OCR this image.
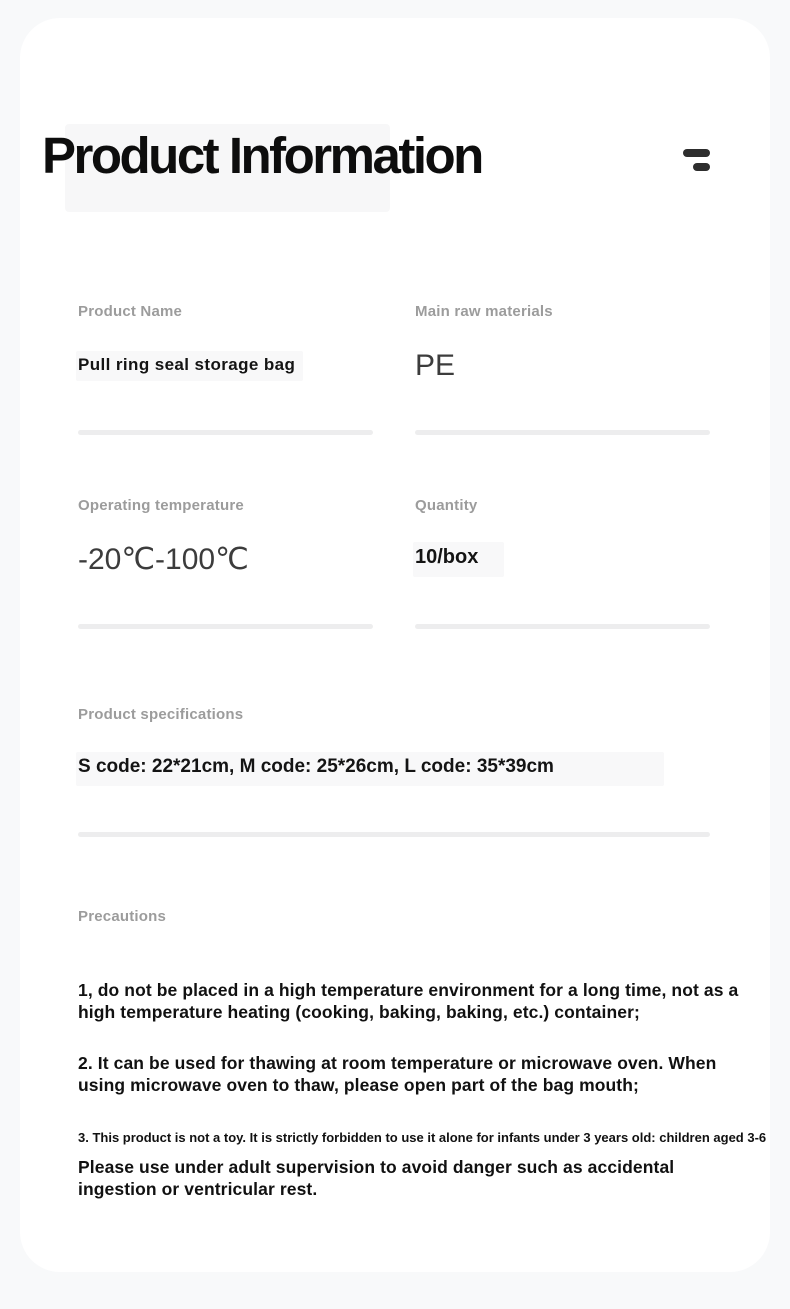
Product Information
Product Name
Pull ring seal storage bag
Main raw materials
PE
Operating temperature
-20℃-100℃
Quantity
10/box
Product specifications
S code: 22*21cm, M code: 25*26cm, L code: 35*39cm
Precautions

1, do not be placed in a high temperature environment for a long time, not as a high temperature heating (cooking, baking, baking, etc.) container;

2. It can be used for thawing at room temperature or microwave oven. When using microwave oven to thaw, please open part of the bag mouth;

3. This product is not a toy. It is strictly forbidden to use it alone for infants under 3 years old: children aged 3-6

Please use under adult supervision to avoid danger such as accidental ingestion or ventricular rest.
